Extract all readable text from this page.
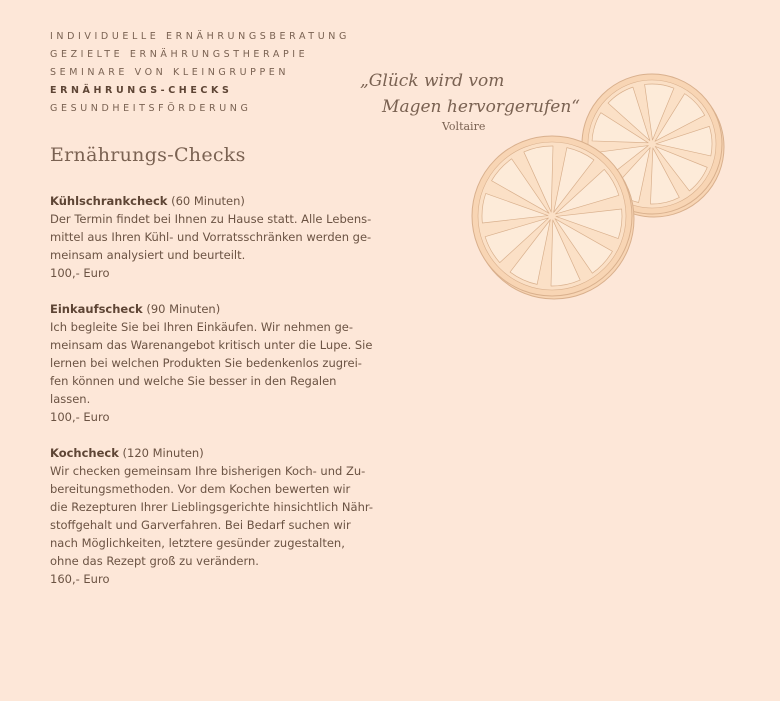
INDIVIDUELLE ERNÄHRUNGSBERATUNG
GEZIELTE ERNÄHRUNGSTHERAPIE
SEMINARE VON KLEINGRUPPEN
ERNÄHRUNGS-CHECKS
GESUNDHEITSFÖRDERUNG
„Glück wird vom
Magen hervorgerufen“
Voltaire
Ernährungs-Checks

Kühlschrankcheck (60 Minuten)

Der Termin findet bei Ihnen zu Hause statt. Alle Lebens-

mittel aus Ihren Kühl- und Vorratsschränken werden ge-

meinsam analysiert und beurteilt.

100,- Euro

Einkaufscheck (90 Minuten)

Ich begleite Sie bei Ihren Einkäufen. Wir nehmen ge-

meinsam das Warenangebot kritisch unter die Lupe. Sie

lernen bei welchen Produkten Sie bedenkenlos zugrei-

fen können und welche Sie besser in den Regalen lassen.

100,- Euro

Kochcheck (120 Minuten)

Wir checken gemeinsam Ihre bisherigen Koch- und Zu-

bereitungsmethoden. Vor dem Kochen bewerten wir

die Rezepturen Ihrer Lieblingsgerichte hinsichtlich Nähr-

stoffgehalt und Garverfahren. Bei Bedarf suchen wir

nach Möglichkeiten, letztere gesünder zugestalten,

ohne das Rezept groß zu verändern.

160,- Euro
